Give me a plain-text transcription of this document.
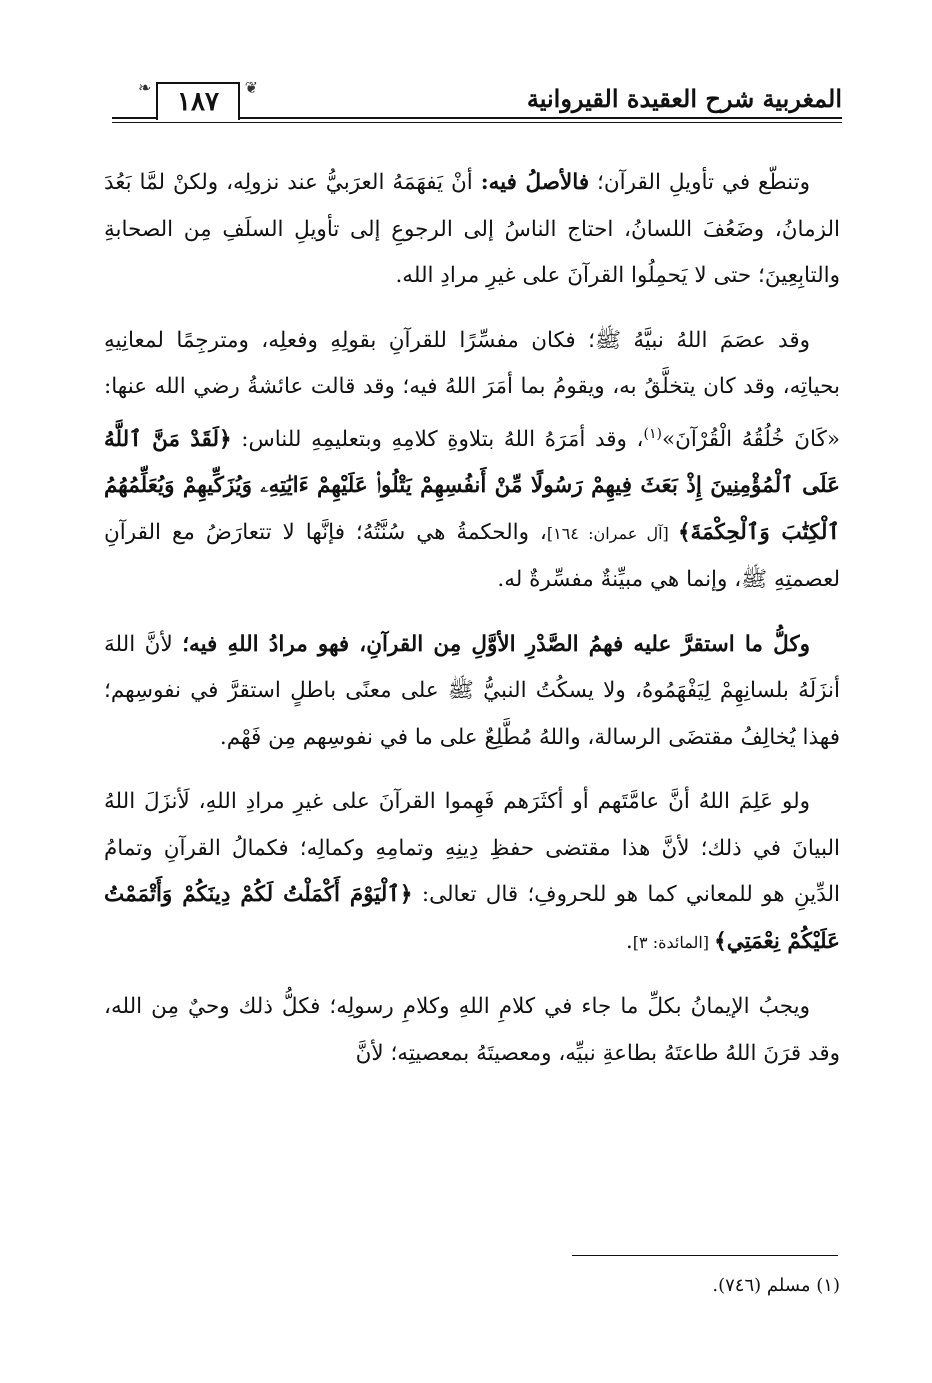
المغربية شرح العقيدة القيروانية
❦
١٨٧
❧

وتنطّع في تأويلِ القرآن؛ فالأصلُ فيه: أنْ يَفهَمَهُ العرَبيُّ عند نزولِه، ولكنْ لمَّا بَعُدَ الزمانُ، وضَعُفَ اللسانُ، احتاج الناسُ إلى الرجوعِ إلى تأويلِ السلَفِ مِن الصحابةِ والتابِعِينَ؛ حتى لا يَحمِلُوا القرآنَ على غيرِ مرادِ الله.

وقد عصَمَ اللهُ نبيَّهُ ﷺ؛ فكان مفسِّرًا للقرآنِ بقولِهِ وفعلِه، ومترجِمًا لمعانِيهِ بحياتِه، وقد كان يتخلَّقُ به، ويقومُ بما أمَرَ اللهُ فيه؛ وقد قالت عائشةُ رضي الله عنها: «كَانَ خُلُقُهُ الْقُرْآنَ»$^{(١)}$، وقد أمَرَهُ اللهُ بتلاوةِ كلامِهِ وبتعليمِهِ للناس: ﴿لَقَدْ مَنَّ ٱللَّهُ عَلَى ٱلْمُؤْمِنِينَ إِذْ بَعَثَ فِيهِمْ رَسُولًا مِّنْ أَنفُسِهِمْ يَتْلُوا۟ عَلَيْهِمْ ءَايَٰتِهِۦ وَيُزَكِّيهِمْ وَيُعَلِّمُهُمُ ٱلْكِتَٰبَ وَٱلْحِكْمَةَ﴾ [آل عمران: ١٦٤]، والحكمةُ هي سُنَّتُهُ؛ فإنَّها لا تتعارَضُ مع القرآنِ لعصمتِهِ ﷺ، وإنما هي مبيِّنةٌ مفسِّرةٌ له.

وكلُّ ما استقرَّ عليه فهمُ الصَّدْرِ الأوَّلِ مِن القرآنِ، فهو مرادُ اللهِ فيه؛ لأنَّ اللهَ أنزَلَهُ بلسانِهِمْ لِيَفْهَمُوهُ، ولا يسكُتُ النبيُّ ﷺ على معنًى باطلٍ استقرَّ في نفوسِهم؛ فهذا يُخالِفُ مقتضَى الرسالة، واللهُ مُطَّلِعٌ على ما في نفوسِهم مِن فَهْم.

ولو عَلِمَ اللهُ أنَّ عامَّتَهم أو أكثَرَهم فَهِموا القرآنَ على غيرِ مرادِ اللهِ، لَأنزَلَ اللهُ البيانَ في ذلك؛ لأنَّ هذا مقتضى حفظِ دِينِهِ وتمامِهِ وكمالِه؛ فكمالُ القرآنِ وتمامُ الدِّينِ هو للمعاني كما هو للحروفِ؛ قال تعالى: ﴿ٱلْيَوْمَ أَكْمَلْتُ لَكُمْ دِينَكُمْ وَأَتْمَمْتُ عَلَيْكُمْ نِعْمَتِي﴾ [المائدة: ٣].

ويجبُ الإيمانُ بكلِّ ما جاء في كلامِ اللهِ وكلامِ رسولِه؛ فكلُّ ذلك وحيٌ مِن الله، وقد قرَنَ اللهُ طاعتَهُ بطاعةِ نبيِّه، ومعصيتَهُ بمعصيتِه؛ لأنَّ

(١) مسلم (٧٤٦).
